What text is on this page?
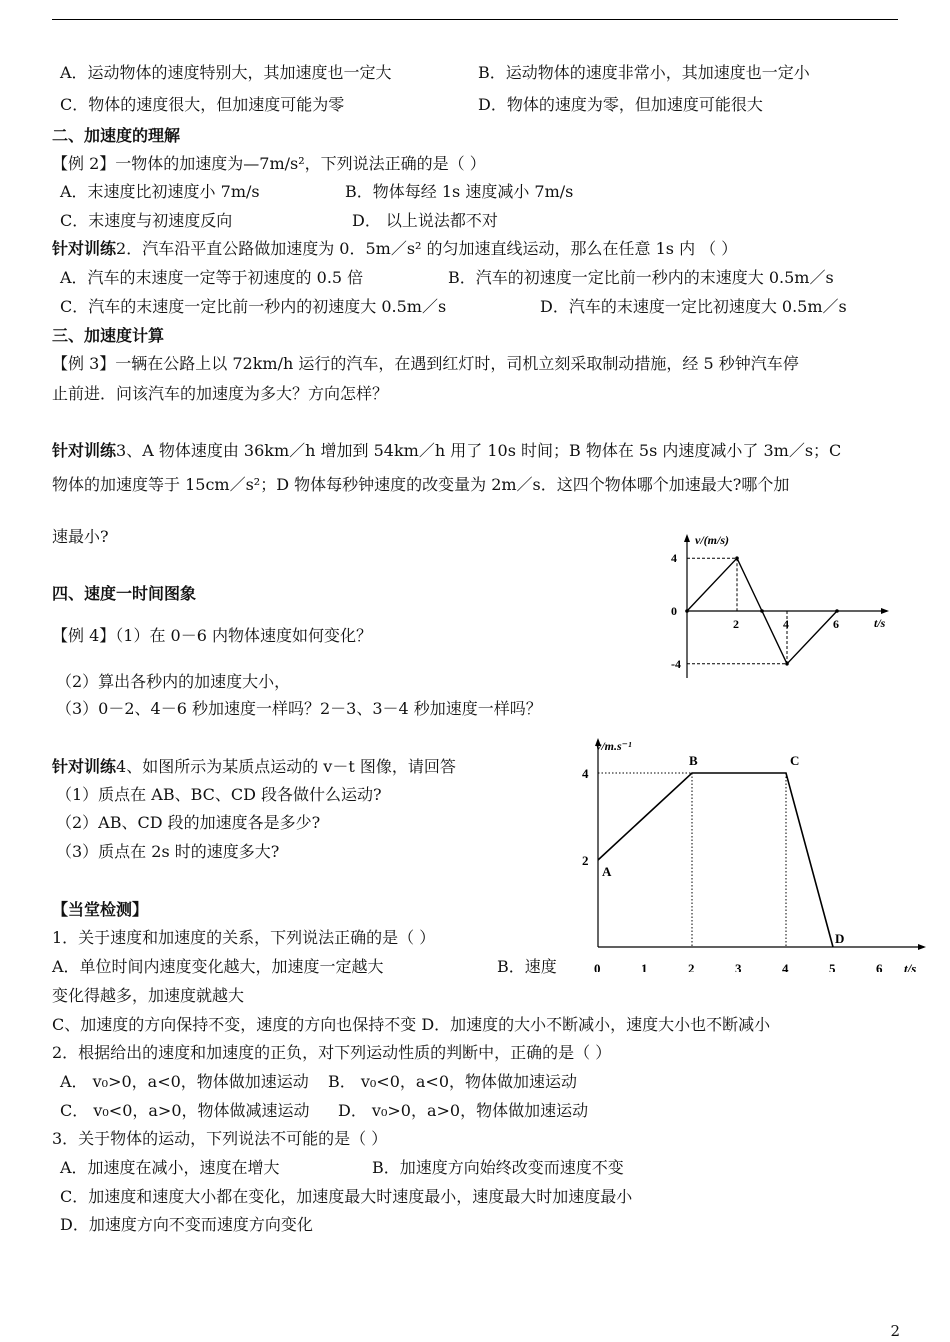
A．运动物体的速度特别大，其加速度也一定大	B．运动物体的速度非常小，其加速度也一定小
C．物体的速度很大，但加速度可能为零	D．物体的速度为零，但加速度可能很大
二、加速度的理解
【例 2】一物体的加速度为—7m/s²，下列说法正确的是（ ）
A．末速度比初速度小 7m/s	B．物体每经 1s 速度减小 7m/s
C．末速度与初速度反向	D． 以上说法都不对
针对训练2．汽车沿平直公路做加速度为 0．5m／s² 的匀加速直线运动，那么在任意 1s 内 （ ）
A．汽车的末速度一定等于初速度的 0.5 倍	B．汽车的初速度一定比前一秒内的末速度大 0.5m／s
C．汽车的末速度一定比前一秒内的初速度大 0.5m／s	D．汽车的末速度一定比初速度大 0.5m／s
三、加速度计算
【例 3】一辆在公路上以 72km/h 运行的汽车，在遇到红灯时，司机立刻采取制动措施，经 5 秒钟汽车停
止前进．问该汽车的加速度为多大？方向怎样？
针对训练3、A 物体速度由 36km／h 增加到 54km／h 用了 10s 时间；B 物体在 5s 内速度减小了 3m／s；C
物体的加速度等于 15cm／s²；D 物体每秒钟速度的改变量为 2m／s．这四个物体哪个加速最大?哪个加
速最小?
四、速度一时间图象
【例 4】（1）在 0－6 内物体速度如何变化？
（2）算出各秒内的加速度大小，
（3）0－2、4－6 秒加速度一样吗？2－3、3－4 秒加速度一样吗？
针对训练4、如图所示为某质点运动的 v－t 图像，请回答
（1）质点在 AB、BC、CD 段各做什么运动?
（2）AB、CD 段的加速度各是多少?
（3）质点在 2s 时的速度多大?
【当堂检测】
1．关于速度和加速度的关系，下列说法正确的是（ ）
A．单位时间内速度变化越大，加速度一定越大	B．速度
变化得越多，加速度就越大
C、加速度的方向保持不变，速度的方向也保持不变 D．加速度的大小不断减小，速度大小也不断减小
2．根据给出的速度和加速度的正负，对下列运动性质的判断中，正确的是（ ）
A． v₀>0，a<0，物体做加速运动 B． v₀<0，a<0，物体做加速运动
C． v₀<0，a>0，物体做减速运动 D． v₀>0，a>0，物体做加速运动
3．关于物体的运动，下列说法不可能的是（ ）
A．加速度在减小，速度在增大	B．加速度方向始终改变而速度不变
C．加速度和速度大小都在变化，加速度最大时速度最小，速度最大时加速度最小
D．加速度方向不变而速度方向变化
2
v/(m/s)
t/s
4
0
-4
2	4	6
v/m.s⁻¹
t/s
2
4
0	1	2	3	4	5	6
A
B	C
D
